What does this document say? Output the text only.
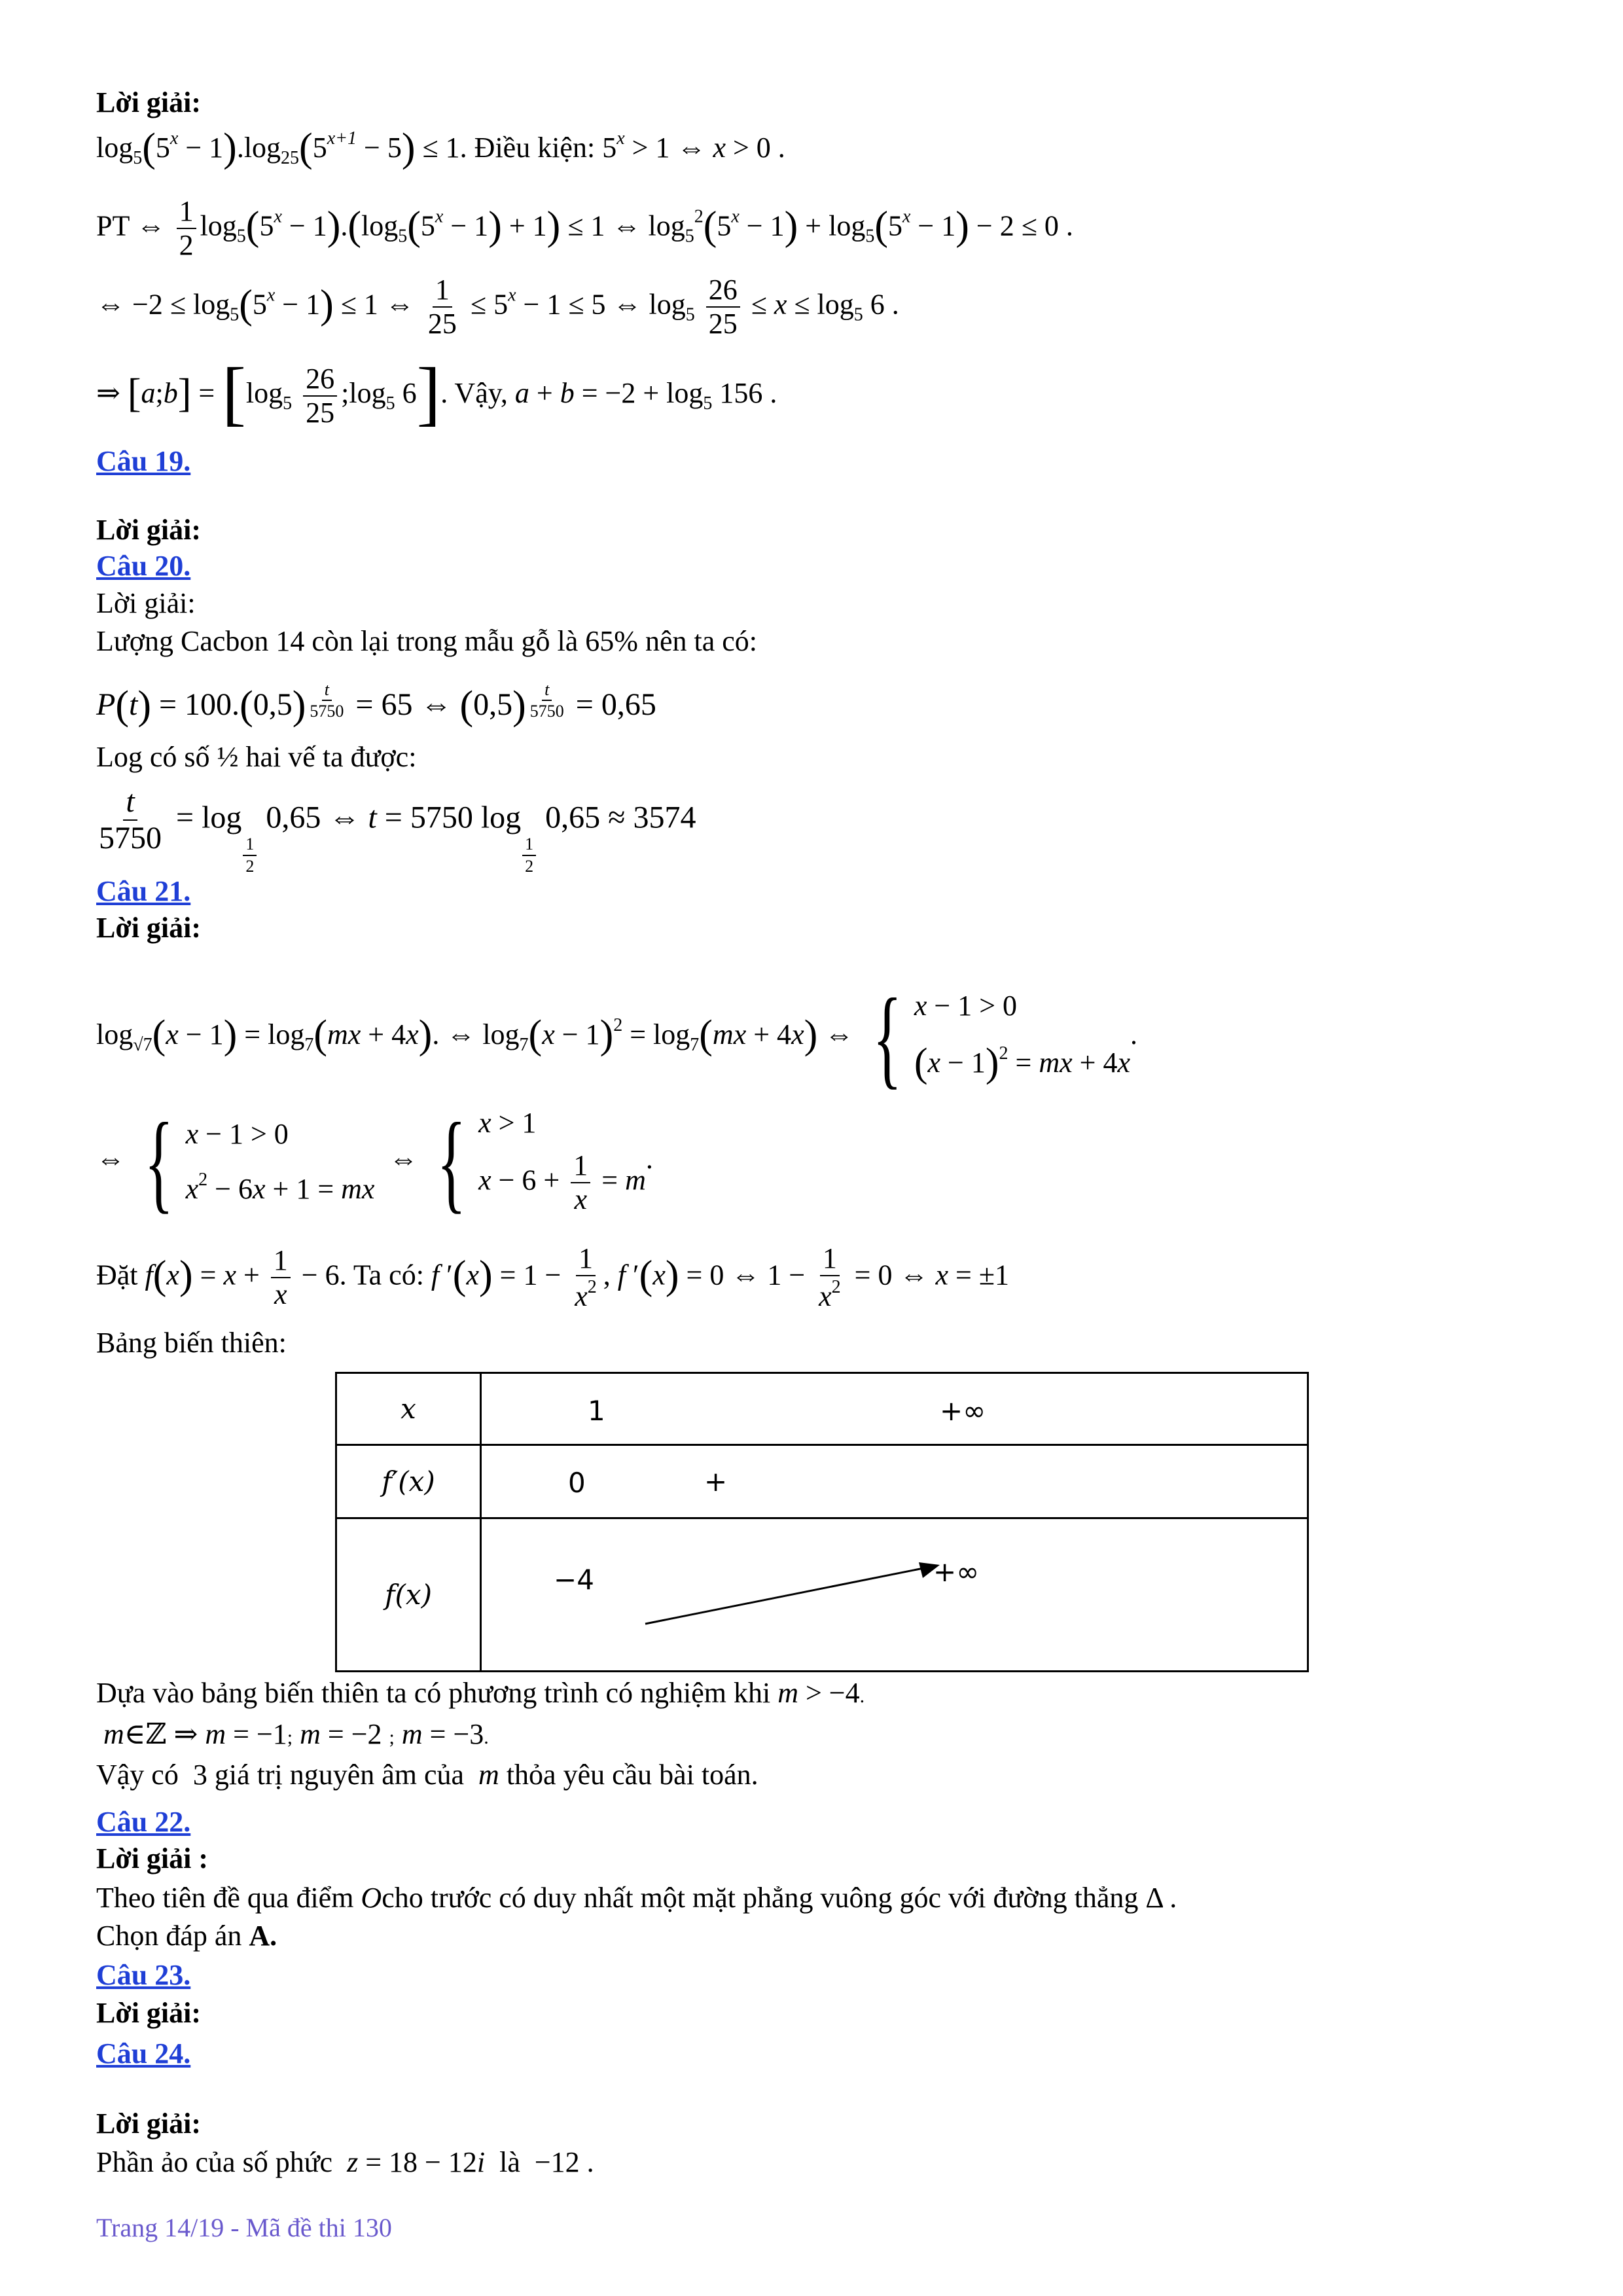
Lời giải:
$\log_5(5^x - 1).\log_{25}(5^{x+1} - 5) \le 1$. Điều kiện: $5^x > 1$ ⇔ x > 0 .
PT ⇔ $\frac{1}{2} \log_5(5^x - 1).(\log_5(5^x - 1) + 1) \le 1$ ⇔ $\log_5^2(5^x - 1) + \log_5(5^x - 1) - 2 \le 0$ .
⇔ $-2 \le \log_5(5^x - 1) \le 1$ ⇔ $\frac{1}{25} \le 5^x - 1 \le 5$ ⇔ $\log_5 \frac{26}{25} \le x \le \log_5 6$ .
⇒ [a;b] = [$\log_5 \frac{26}{25}$ $;\log_5$ 6]. Vậy, $a + b = -2 + \log_5 156$ .
Câu 19.
Lời giải:
Câu 20.
Lời giải:
Lượng Cacbon 14 còn lại trong mẫu gỗ là 65% nên ta có:
$P(t) = 100.(0,5) \frac{t}{5750} = 65$ ⇔ $(0,5) \frac{t}{5750} = 0,65$
Log có số ½ hai vế ta được:
$\frac{t}{5750} = \log$
$\frac{1}{2}$
0,65 ⇔ t = 5750 log
$\frac{1}{2}$
0,65 ≈ 3574
Câu 21.
Lời giải:
$\log_{√7}(x - 1) = \log_7(mx + 4x)$. ⇔ $\log_7(x - 1)^2 = \log_7(mx + 4x)$ ⇔ { x − 1 > 0
$(x - 1)^2$ = mx + 4x
.
⇔ { x − 1 > 0
$x^2 - 6x + 1$ = mx
⇔ { x > 1
$x - 6 + \frac{1}{x} = m$
.
Đặt $f(x) = x + \frac{1}{x} - 6$. Ta có: f $'(x) = 1 - \frac{1}{x^2}$ , f ′(x) = 0 ⇔ $1 - \frac{1}{x^2} = 0$ ⇔ x = ±1
Bảng biến thiên:
x	1 +∞

f′(x)	0 +

f(x)	−4 +∞
Dựa vào bảng biến thiên ta có phương trình có nghiệm khi m > −4.
m∈ℤ ⇒ m = −1; m = −2 ; m = −3.
Vậy có 3 giá trị nguyên âm của m thỏa yêu cầu bài toán.
Câu 22.
Lời giải :
Theo tiên đề qua điểm Ocho trước có duy nhất một mặt phẳng vuông góc với đường thẳng Δ .
Chọn đáp án A.
Câu 23.
Lời giải:
Câu 24.
Lời giải:
Phần ảo của số phức z = 18 − 12i là  −12 .
Trang 14/19 - Mã đề thi 130
